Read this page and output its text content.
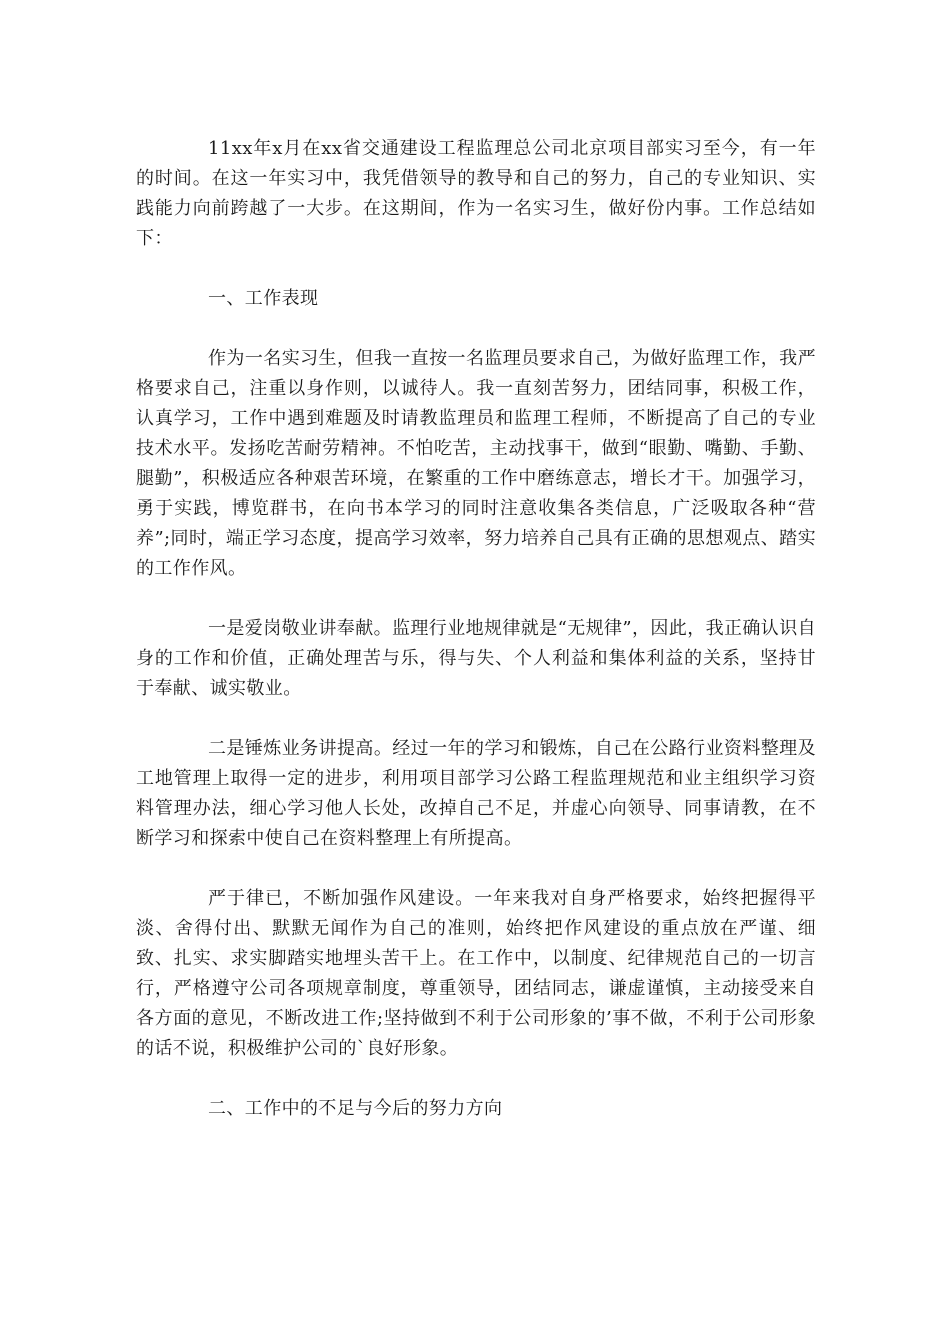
11xx年x月在xx省交通建设工程监理总公司北京项目部实习至今，有一年的时间。在这一年实习中，我凭借领导的教导和自己的努力，自己的专业知识、实践能力向前跨越了一大步。在这期间，作为一名实习生，做好份内事。工作总结如下：

一、工作表现

作为一名实习生，但我一直按一名监理员要求自己，为做好监理工作，我严格要求自己，注重以身作则，以诚待人。我一直刻苦努力，团结同事，积极工作，认真学习，工作中遇到难题及时请教监理员和监理工程师，不断提高了自己的专业技术水平。发扬吃苦耐劳精神。不怕吃苦，主动找事干，做到“眼勤、嘴勤、手勤、腿勤”，积极适应各种艰苦环境，在繁重的工作中磨练意志，增长才干。加强学习，勇于实践，博览群书，在向书本学习的同时注意收集各类信息，广泛吸取各种“营养”;同时，端正学习态度，提高学习效率，努力培养自己具有正确的思想观点、踏实的工作作风。

一是爱岗敬业讲奉献。监理行业地规律就是“无规律”，因此，我正确认识自身的工作和价值，正确处理苦与乐，得与失、个人利益和集体利益的关系，坚持甘于奉献、诚实敬业。

二是锤炼业务讲提高。经过一年的学习和锻炼，自己在公路行业资料整理及工地管理上取得一定的进步，利用项目部学习公路工程监理规范和业主组织学习资料管理办法，细心学习他人长处，改掉自己不足，并虚心向领导、同事请教，在不断学习和探索中使自己在资料整理上有所提高。

严于律已，不断加强作风建设。一年来我对自身严格要求，始终把握得平淡、舍得付出、默默无闻作为自己的准则，始终把作风建设的重点放在严谨、细致、扎实、求实脚踏实地埋头苦干上。在工作中，以制度、纪律规范自己的一切言行，严格遵守公司各项规章制度，尊重领导，团结同志，谦虚谨慎，主动接受来自各方面的意见，不断改进工作;坚持做到不利于公司形象的’事不做，不利于公司形象的话不说，积极维护公司的`良好形象。

二、工作中的不足与今后的努力方向
